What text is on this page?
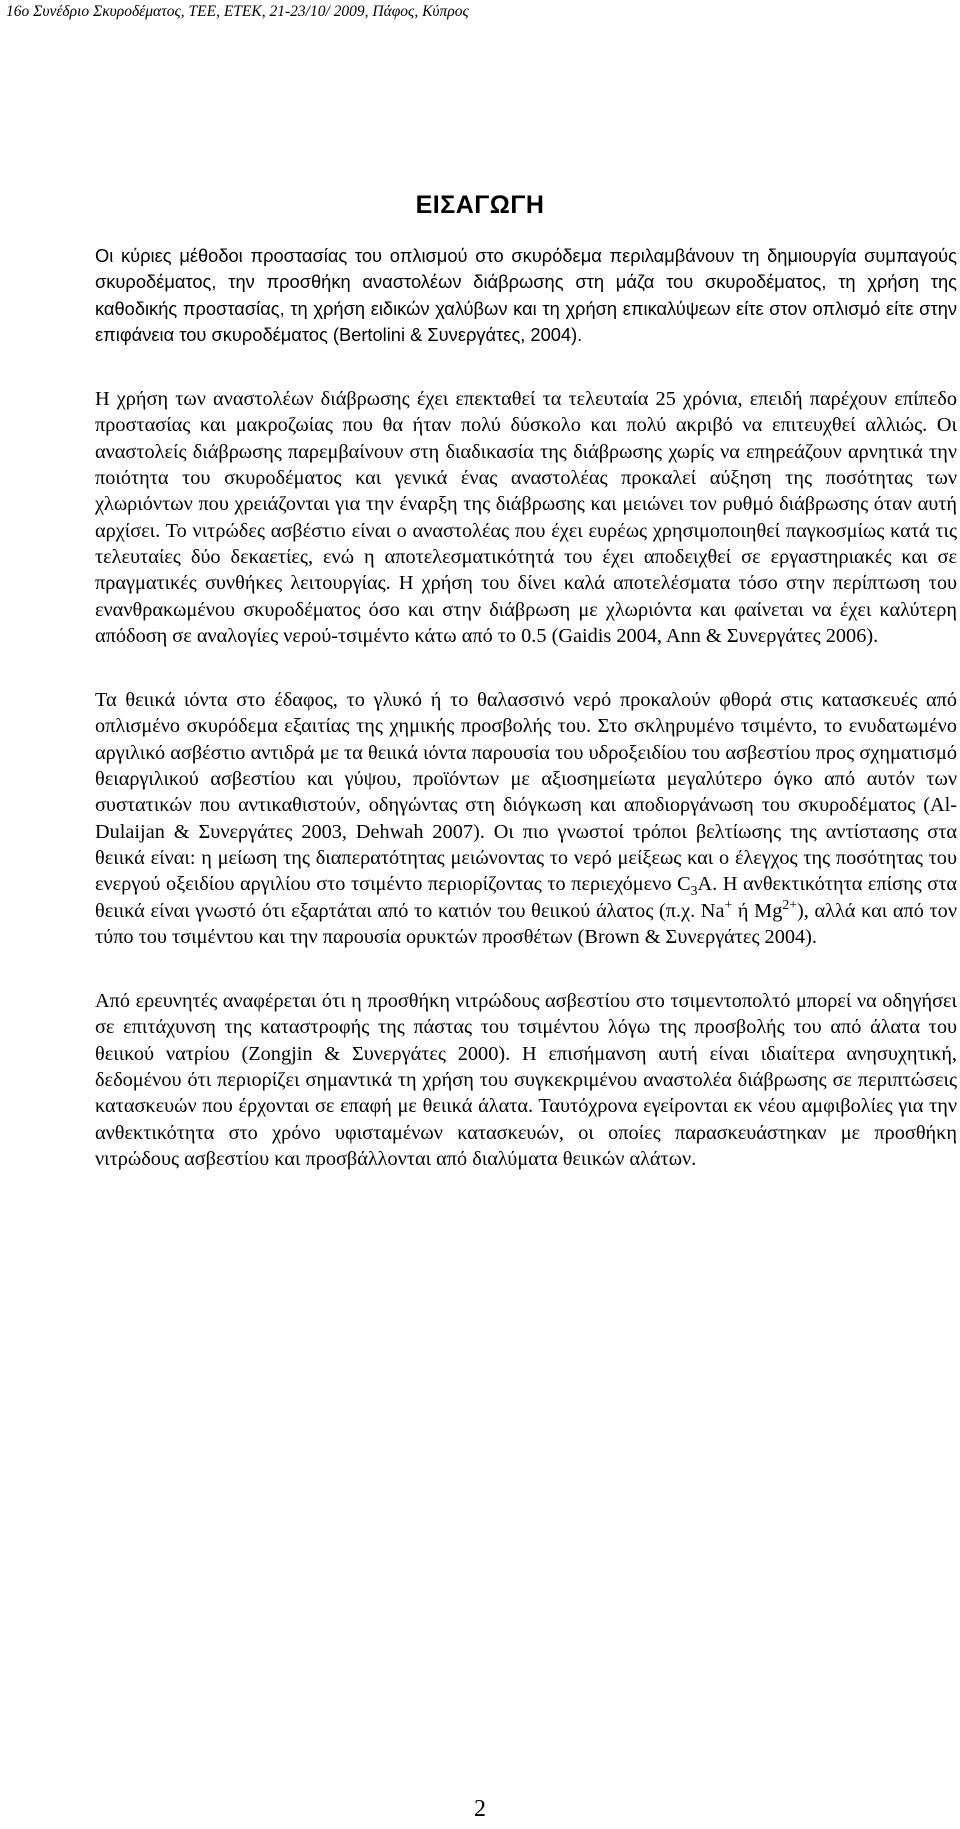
16ο Συνέδριο Σκυροδέματος, ΤΕΕ, ΕΤΕΚ, 21-23/10/ 2009, Πάφος, Κύπρος
ΕΙΣΑΓΩΓΗ

Οι κύριες μέθοδοι προστασίας του οπλισμού στο σκυρόδεμα περιλαμβάνουν τη δημιουργία συμπαγούς σκυροδέματος, την προσθήκη αναστολέων διάβρωσης στη μάζα του σκυροδέματος, τη χρήση της καθοδικής προστασίας, τη χρήση ειδικών χαλύβων και τη χρήση επικαλύψεων είτε στον οπλισμό είτε στην επιφάνεια του σκυροδέματος (Bertolini & Συνεργάτες, 2004).

Η χρήση των αναστολέων διάβρωσης έχει επεκταθεί τα τελευταία 25 χρόνια, επειδή παρέχουν επίπεδο προστασίας και μακροζωίας που θα ήταν πολύ δύσκολο και πολύ ακριβό να επιτευχθεί αλλιώς. Οι αναστολείς διάβρωσης παρεμβαίνουν στη διαδικασία της διάβρωσης χωρίς να επηρεάζουν αρνητικά την ποιότητα του σκυροδέματος και γενικά ένας αναστολέας προκαλεί αύξηση της ποσότητας των χλωριόντων που χρειάζονται για την έναρξη της διάβρωσης και μειώνει τον ρυθμό διάβρωσης όταν αυτή αρχίσει. Το νιτρώδες ασβέστιο είναι ο αναστολέας που έχει ευρέως χρησιμοποιηθεί παγκοσμίως κατά τις τελευταίες δύο δεκαετίες, ενώ η αποτελεσματικότητά του έχει αποδειχθεί σε εργαστηριακές και σε πραγματικές συνθήκες λειτουργίας. Η χρήση του δίνει καλά αποτελέσματα τόσο στην περίπτωση του ενανθρακωμένου σκυροδέματος όσο και στην διάβρωση με χλωριόντα και φαίνεται να έχει καλύτερη απόδοση σε αναλογίες νερού-τσιμέντο κάτω από το 0.5 (Gaidis 2004, Ann & Συνεργάτες 2006).

Τα θειικά ιόντα στο έδαφος, το γλυκό ή το θαλασσινό νερό προκαλούν φθορά στις κατασκευές από οπλισμένο σκυρόδεμα εξαιτίας της χημικής προσβολής του. Στο σκληρυμένο τσιμέντο, το ενυδατωμένο αργιλικό ασβέστιο αντιδρά με τα θειικά ιόντα παρουσία του υδροξειδίου του ασβεστίου προς σχηματισμό θειαργιλικού ασβεστίου και γύψου, προϊόντων με αξιοσημείωτα μεγαλύτερο όγκο από αυτόν των συστατικών που αντικαθιστούν, οδηγώντας στη διόγκωση και αποδιοργάνωση του σκυροδέματος (Al-Dulaijan & Συνεργάτες 2003, Dehwah 2007). Οι πιο γνωστοί τρόποι βελτίωσης της αντίστασης στα θειικά είναι: η μείωση της διαπερατότητας μειώνοντας το νερό μείξεως και ο έλεγχος της ποσότητας του ενεργού οξειδίου αργιλίου στο τσιμέντο περιορίζοντας το περιεχόμενο $C_3A$. Η ανθεκτικότητα επίσης στα θειικά είναι γνωστό ότι εξαρτάται από το κατιόν του θειικού άλατος (π.χ. Na+ ή $Mg^{2+}$), αλλά και από τον τύπο του τσιμέντου και την παρουσία ορυκτών προσθέτων (Brown & Συνεργάτες 2004).

Από ερευνητές αναφέρεται ότι η προσθήκη νιτρώδους ασβεστίου στο τσιμεντοπολτό μπορεί να οδηγήσει σε επιτάχυνση της καταστροφής της πάστας του τσιμέντου λόγω της προσβολής του από άλατα του θειικού νατρίου (Zongjin & Συνεργάτες 2000). Η επισήμανση αυτή είναι ιδιαίτερα ανησυχητική, δεδομένου ότι περιορίζει σημαντικά τη χρήση του συγκεκριμένου αναστολέα διάβρωσης σε περιπτώσεις κατασκευών που έρχονται σε επαφή με θειικά άλατα. Ταυτόχρονα εγείρονται εκ νέου αμφιβολίες για την ανθεκτικότητα στο χρόνο υφισταμένων κατασκευών, οι οποίες παρασκευάστηκαν με προσθήκη νιτρώδους ασβεστίου και προσβάλλονται από διαλύματα θειικών αλάτων.

2
